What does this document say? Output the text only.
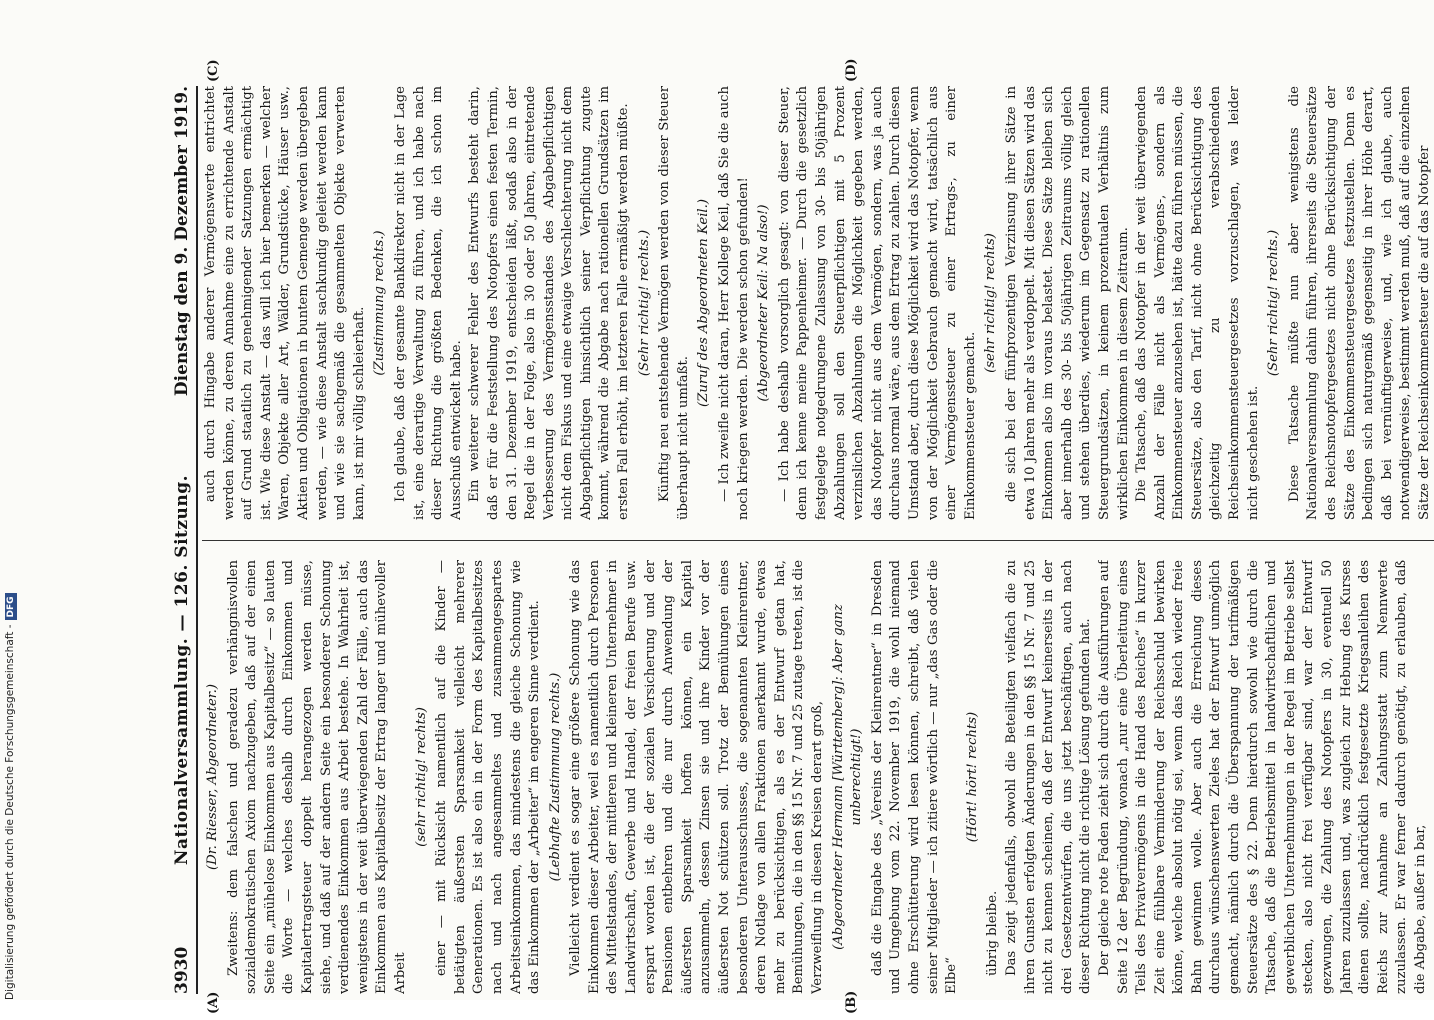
3930
Nationalversammlung. — 126. Sitzung.
Dienstag den 9. Dezember 1919.
(A)	(B)
(C)	(D)

(Dr. Riesser, Abgeordneter.) Zweitens: dem falschen und geradezu verhängnisvollen sozialdemokratischen Axiom nachzugeben, daß auf der einen Seite ein „mühelose Einkommen aus Kapitalbesitz“ — so lauten die Worte — welches deshalb durch Einkommen und Kapitalertragsteuer doppelt herangezogen werden müsse, siehe, und daß auf der andern Seite ein besonderer Schonung verdienendes Einkommen aus Arbeit bestehe. In Wahrheit ist, wenigstens in der weit überwiegenden Zahl der Fälle, auch das Einkommen aus Kapitalbesitz der Ertrag langer und mühevoller Arbeit

(sehr richtig! rechts) einer — mit Rücksicht namentlich auf die Kinder — betätigten äußersten Sparsamkeit vielleicht mehrerer Generationen. Es ist also ein in der Form des Kapitalbesitzes nach und nach angesammeltes und zusammengespartes Arbeitseinkommen, das mindestens die gleiche Schonung wie das Einkommen der „Arbeiter“ im engeren Sinne verdient. (Lebhafte Zustimmung rechts.) Vielleicht verdient es sogar eine größere Schonung wie das Einkommen dieser Arbeiter, weil es namentlich durch Personen des Mittelstandes, der mittleren und kleineren Unternehmer in Landwirtschaft, Gewerbe und Handel, der freien Berufe usw. erspart worden ist, die der sozialen Versicherung und der Pensionen entbehren und die nur durch Anwendung der äußersten Sparsamkeit hoffen können, ein Kapital anzusammeln, dessen Zinsen sie und ihre Kinder vor der äußersten Not schützen soll. Trotz der Bemühungen eines besonderen Unterausschusses, die sogenannten Kleinrentner, deren Notlage von allen Fraktionen anerkannt wurde, etwas mehr zu berücksichtigen, als es der Entwurf getan hat, Bemühungen, die in den §§ 15 Nr. 7 und 25 zutage treten, ist die Verzweiflung in diesen Kreisen derart groß, (Abgeordneter Hermann [Württemberg]: Aber ganz unberechtigt!) daß die Eingabe des „Vereins der Kleinrentner“ in Dresden und Umgebung vom 22. November 1919, die wohl niemand ohne Erschütterung wird lesen können, schreibt, daß vielen seiner Mitglieder — ich zitiere wörtlich — nur „das Gas oder die Elbe“

(Hört! hört! rechts)

übrig bleibe. Das zeigt jedenfalls, obwohl die Beteiligten vielfach die zu ihren Gunsten erfolgten Änderungen in den §§ 15 Nr. 7 und 25 nicht zu kennen scheinen, daß der Entwurf keinerseits in der drei Gesetzentwürfen, die uns jetzt beschäftigen, auch nach dieser Richtung nicht die richtige Lösung gefunden hat. Der gleiche rote Faden zieht sich durch die Ausführungen auf Seite 12 der Begründung, wonach „nur eine Überleitung eines Teils des Privatvermögens in die Hand des Reiches“ in kurzer Zeit eine fühlbare Verminderung der Reichsschuld bewirken könne, welche absolut nötig sei, wenn das Reich wieder freie Bahn gewinnen wolle. Aber auch die Erreichung dieses durchaus wünschenswerten Zieles hat der Entwurf unmöglich gemacht, nämlich durch die Überspannung der tarifmäßigen Steuersätze des § 22. Denn hierdurch sowohl wie durch die Tatsache, daß die Betriebsmittel in landwirtschaftlichen und gewerblichen Unternehmungen in der Regel im Betriebe selbst stecken, also nicht frei verfügbar sind, war der Entwurf gezwungen, die Zahlung des Notopfers in 30, eventuell 50 Jahren zuzulassen und, was zugleich zur Hebung des Kurses dienen sollte, nachdrücklich festgesetzte Kriegsanleihen des Reichs zur Annahme an Zahlungsstatt zum Nennwerte zuzulassen. Er war ferner dadurch genötigt, zu erlauben, daß die Abgabe, außer in bar,

auch durch Hingabe anderer Vermögenswerte entrichtet werden könne, zu deren Annahme eine zu errichtende Anstalt auf Grund staatlich zu genehmigender Satzungen ermächtigt ist. Wie diese Anstalt — das will ich hier bemerken — welcher Waren, Objekte aller Art, Wälder, Grundstücke, Häuser usw., Aktien und Obligationen in buntem Gemenge werden übergeben werden, — wie diese Anstalt sachkundig geleitet werden kann und wie sie sachgemäß die gesammelten Objekte verwerten kann, ist mir völlig schleierhaft.

(Zustimmung rechts.) Ich glaube, daß der gesamte Bankdirektor nicht in der Lage ist, eine derartige Verwaltung zu führen, und ich habe nach dieser Richtung die größten Bedenken, die ich schon im Ausschuß entwickelt habe. Ein weiterer schwerer Fehler des Entwurfs besteht darin, daß er für die Feststellung des Notopfers einen festen Termin, den 31. Dezember 1919, entscheiden läßt, sodaß also in der Regel die in der Folge, also in 30 oder 50 Jahren, eintretende Verbesserung des Vermögensstandes des Abgabepflichtigen nicht dem Fiskus und eine etwaige Verschlechterung nicht dem Abgabepflichtigen hinsichtlich seiner Verpflichtung zugute kommt, während die Abgabe nach rationellen Grundsätzen im ersten Fall erhöht, im letzteren Falle ermäßigt werden müßte. (Sehr richtig! rechts.) Künftig neu entstehende Vermögen werden von dieser Steuer überhaupt nicht umfaßt.

(Zuruf des Abgeordneten Keil.) — Ich zweifle nicht daran, Herr Kollege Keil, daß Sie die auch noch kriegen werden. Die werden schon gefunden! (Abgeordneter Keil: Na also!) — Ich habe deshalb vorsorglich gesagt: von dieser Steuer, denn ich kenne meine Pappenheimer. — Durch die gesetzlich festgelegte notgedrungene Zulassung von 30- bis 50jährigen Abzahlungen soll den Steuerpflichtigen mit 5 Prozent verzinslichen Abzahlungen die Möglichkeit gegeben werden, das Notopfer nicht aus dem Vermögen, sondern, was ja auch durchaus normal wäre, aus dem Ertrag zu zahlen. Durch diesen Umstand aber, durch diese Möglichkeit wird das Notopfer, wenn von der Möglichkeit Gebrauch gemacht wird, tatsächlich aus einer Vermögenssteuer zu einer Ertrags-, zu einer Einkommensteuer gemacht.

(sehr richtig! rechts) die sich bei der fünfprozentigen Verzinsung ihrer Sätze in etwa 10 Jahren mehr als verdoppelt. Mit diesen Sätzen wird das Einkommen also im voraus belastet. Diese Sätze bleiben sich aber innerhalb des 30- bis 50jährigen Zeitraums völlig gleich und stehen überdies, wiederum im Gegensatz zu rationellen Steuergrundsätzen, in keinem prozentualen Verhältnis zum wirklichen Einkommen in diesem Zeitraum. Die Tatsache, daß das Notopfer in der weit überwiegenden Anzahl der Fälle nicht als Vermögens-, sondern als Einkommensteuer anzusehen ist, hätte dazu führen müssen, die Steuersätze, also den Tarif, nicht ohne Berücksichtigung des gleichzeitig zu verabschiedenden Reichseinkommensteuergesetzes vorzuschlagen, was leider nicht geschehen ist.

(Sehr richtig! rechts.) Diese Tatsache müßte nun aber wenigstens die Nationalversammlung dahin führen, ihrerseits die Steuersätze des Reichsnotopfergesetzes nicht ohne Berücksichtigung der Sätze des Einkommensteuergesetzes festzustellen. Denn es bedingen sich naturgemäß gegenseitig in ihrer Höhe derart, daß bei vernünftigerweise, und, wie ich glaube, auch notwendigerweise, bestimmt werden muß, daß auf die einzelnen Sätze der Reichseinkommensteuer die auf das Notopfer

Digitalisierung gefördert durch die Deutsche Forschungsgemeinschaft -DFG
